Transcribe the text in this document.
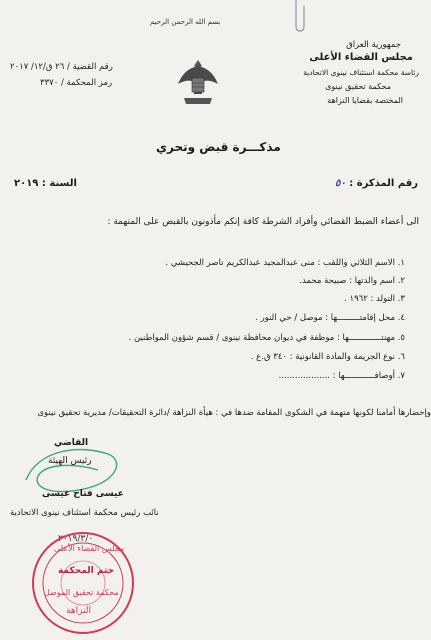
بسم الله الرحمن الرحيم
جمهورية العراق
مجلس القضاء الأعلى
رئاسة محكمة استئناف نينوى الاتحادية
محكمة تحقيق نينوى
المختصة بقضايا النزاهة
رقم القضية / ٢٦ ق/١٢/ ٢٠١٧
رمز المحكمة / ٣٣٧٠
مذكـــرة قبض وتحري
رقم المذكرة : ٥٠
السنة : ٢٠١٩
الى أعضاء الضبط القضائي وأفراد الشرطة كافة إنكم مأذونون بالقبض على المتهمة :
١. الاسم الثلاثي واللقب : منى عبدالمجيد عبدالكريم ناصر الجحيشي .
٢. اسم والدتها : صبيحة محمد.
٣. التولد : ١٩٦٢ .
٤. محل إقامتـــــــــها : موصل / حي النور .
٥. مهنتـــــــــــــها : موظفة في ديوان محافظة نينوى / قسم شؤون المواطنين .
٦. نوع الجريمة والمادة القانونية : ٣٤٠ ق.ع .
٧. أوصافــــــــــــها : ...................
وإحضارها أمامنا لكونها متهمة في الشكوى المقامة ضدها في : هيأة النزاهة /دائرة التحقيقات/ مديرية تحقيق نينوى
القاضي
رئيس الهيئة
عيسى فتاح عيسى
نائب رئيس محكمة استئناف نينوى الاتحادية
٢٠١٩/٣/٠
مجلس القضاء الأعلى
ختم المحكمة
محكمة تحقيق الموصل
النزاهة
